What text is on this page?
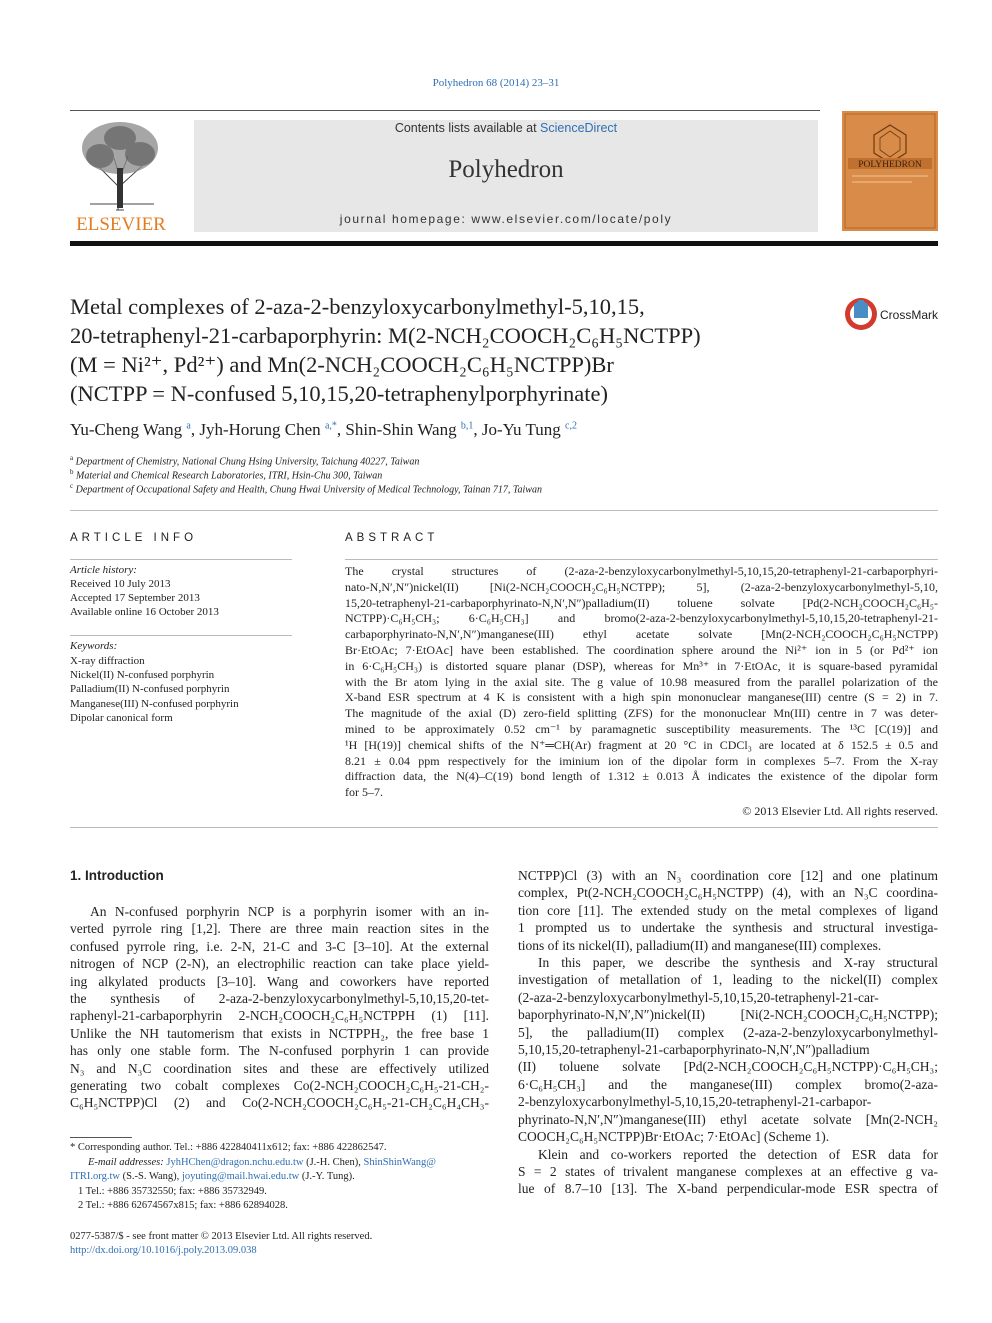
Polyhedron 68 (2014) 23–31
ELSEVIER
Contents lists available at ScienceDirect
Polyhedron
journal homepage: www.elsevier.com/locate/poly
POLYHEDRON
Metal complexes of 2-aza-2-benzyloxycarbonylmethyl-5,10,15,
20-tetraphenyl-21-carbaporphyrin: M(2-NCH₂COOCH₂C₆H₅NCTPP)
(M = Ni²⁺, Pd²⁺) and Mn(2-NCH₂COOCH₂C₆H₅NCTPP)Br
(NCTPP = N-confused 5,10,15,20-tetraphenylporphyrinate)
CrossMark
Yu-Cheng Wang $^a$, Jyh-Horung Chen $^{a,*}$, Shin-Shin Wang $^{b,1}$, Jo-Yu Tung $^{c,2}$
$^a$ Department of Chemistry, National Chung Hsing University, Taichung 40227, Taiwan
$^b$ Material and Chemical Research Laboratories, ITRI, Hsin-Chu 300, Taiwan
$^c$ Department of Occupational Safety and Health, Chung Hwai University of Medical Technology, Tainan 717, Taiwan
ARTICLE INFO	ABSTRACT
Article history:
Received 10 July 2013
Accepted 17 September 2013
Available online 16 October 2013
Keywords:
X-ray diffraction
Nickel(II) N-confused porphyrin
Palladium(II) N-confused porphyrin
Manganese(III) N-confused porphyrin
Dipolar canonical form
The crystal structures of (2-aza-2-benzyloxycarbonylmethyl-5,10,15,20-tetraphenyl-21-carbaporphyri-
nato-N,N′,N″)nickel(II) [Ni(2-NCH₂COOCH₂C₆H₅NCTPP); 5], (2-aza-2-benzyloxycarbonylmethyl-5,10,
15,20-tetraphenyl-21-carbaporphyrinato-N,N′,N″)palladium(II) toluene solvate [Pd(2-NCH₂COOCH₂C₆H₅-
NCTPP)·C₆H₅CH₃; 6·C₆H₅CH₃] and bromo(2-aza-2-benzyloxycarbonylmethyl-5,10,15,20-tetraphenyl-21-
carbaporphyrinato-N,N′,N″)manganese(III) ethyl acetate solvate [Mn(2-NCH₂COOCH₂C₆H₅NCTPP)
Br·EtOAc; 7·EtOAc] have been established. The coordination sphere around the Ni²⁺ ion in 5 (or Pd²⁺ ion
in 6·C₆H₅CH₃) is distorted square planar (DSP), whereas for Mn³⁺ in 7·EtOAc, it is square-based pyramidal
with the Br atom lying in the axial site. The g value of 10.98 measured from the parallel polarization of the
X-band ESR spectrum at 4 K is consistent with a high spin mononuclear manganese(III) centre (S = 2) in 7.
The magnitude of the axial (D) zero-field splitting (ZFS) for the mononuclear Mn(III) centre in 7 was deter-
mined to be approximately 0.52 cm⁻¹ by paramagnetic susceptibility measurements. The ¹³C [C(19)] and
¹H [H(19)] chemical shifts of the N⁺═CH(Ar) fragment at 20 °C in CDCl₃ are located at δ 152.5 ± 0.5 and
8.21 ± 0.04 ppm respectively for the iminium ion of the dipolar form in complexes 5–7. From the X-ray
diffraction data, the N(4)–C(19) bond length of 1.312 ± 0.013 Å indicates the existence of the dipolar form
for 5–7.
© 2013 Elsevier Ltd. All rights reserved.
1. Introduction
An N-confused porphyrin NCP is a porphyrin isomer with an in-
verted pyrrole ring [1,2]. There are three main reaction sites in the
confused pyrrole ring, i.e. 2-N, 21-C and 3-C [3–10]. At the external
nitrogen of NCP (2-N), an electrophilic reaction can take place yield-
ing alkylated products [3–10]. Wang and coworkers have reported
the synthesis of 2-aza-2-benzyloxycarbonylmethyl-5,10,15,20-tet-
raphenyl-21-carbaporphyrin 2-NCH₂COOCH₂C₆H₅NCTPPH (1) [11].
Unlike the NH tautomerism that exists in NCTPPH₂, the free base 1
has only one stable form. The N-confused porphyrin 1 can provide
N₃ and N₃C coordination sites and these are effectively utilized
generating two cobalt complexes Co(2-NCH₂COOCH₂C₆H₅-21-CH₂-
C₆H₅NCTPP)Cl (2) and Co(2-NCH₂COOCH₂C₆H₅-21-CH₂C₆H₄CH₃-
NCTPP)Cl (3) with an N₃ coordination core [12] and one platinum
complex, Pt(2-NCH₂COOCH₂C₆H₅NCTPP) (4), with an N₃C coordina-
tion core [11]. The extended study on the metal complexes of ligand
1 prompted us to undertake the synthesis and structural investiga-
tions of its nickel(II), palladium(II) and manganese(III) complexes.
In this paper, we describe the synthesis and X-ray structural
investigation of metallation of 1, leading to the nickel(II) complex
(2-aza-2-benzyloxycarbonylmethyl-5,10,15,20-tetraphenyl-21-car-
baporphyrinato-N,N′,N″)nickel(II) [Ni(2-NCH₂COOCH₂C₆H₅NCTPP);
5], the palladium(II) complex (2-aza-2-benzyloxycarbonylmethyl-
5,10,15,20-tetraphenyl-21-carbaporphyrinato-N,N′,N″)palladium
(II) toluene solvate [Pd(2-NCH₂COOCH₂C₆H₅NCTPP)·C₆H₅CH₃;
6·C₆H₅CH₃] and the manganese(III) complex bromo(2-aza-
2-benzyloxycarbonylmethyl-5,10,15,20-tetraphenyl-21-carbapor-
phyrinato-N,N′,N″)manganese(III) ethyl acetate solvate [Mn(2-NCH₂
COOCH₂C₆H₅NCTPP)Br·EtOAc; 7·EtOAc] (Scheme 1).
Klein and co-workers reported the detection of ESR data for
S = 2 states of trivalent manganese complexes at an effective g va-
lue of 8.7–10 [13]. The X-band perpendicular-mode ESR spectra of
* Corresponding author. Tel.: +886 422840411x612; fax: +886 422862547.
E-mail addresses: JyhHChen@dragon.nchu.edu.tw (J.-H. Chen), ShinShinWang@
ITRI.org.tw (S.-S. Wang), joyuting@mail.hwai.edu.tw (J.-Y. Tung).
1 Tel.: +886 35732550; fax: +886 35732949.
2 Tel.: +886 62674567x815; fax: +886 62894028.
0277-5387/$ - see front matter © 2013 Elsevier Ltd. All rights reserved.
http://dx.doi.org/10.1016/j.poly.2013.09.038
